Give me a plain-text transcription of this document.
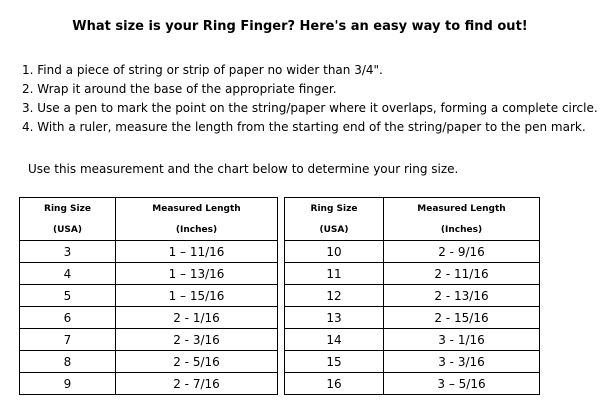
What size is your Ring Finger? Here's an easy way to find out!
1. Find a piece of string or strip of paper no wider than 3/4".
2. Wrap it around the base of the appropriate finger.
3. Use a pen to mark the point on the string/paper where it overlaps, forming a complete circle.
4. With a ruler, measure the length from the starting end of the string/paper to the pen mark.

Use this measurement and the chart below to determine your ring size.

Ring Size	Measured Length
(USA)	(Inches)
3	1 – 11/16
4	1 – 13/16
5	1 – 15/16
6	2 - 1/16
7	2 - 3/16
8	2 - 5/16
9	2 - 7/16
Ring Size	Measured Length
(USA)	(Inches)
10	2 - 9/16
11	2 - 11/16
12	2 - 13/16
13	2 - 15/16
14	3 - 1/16
15	3 - 3/16
16	3 – 5/16
